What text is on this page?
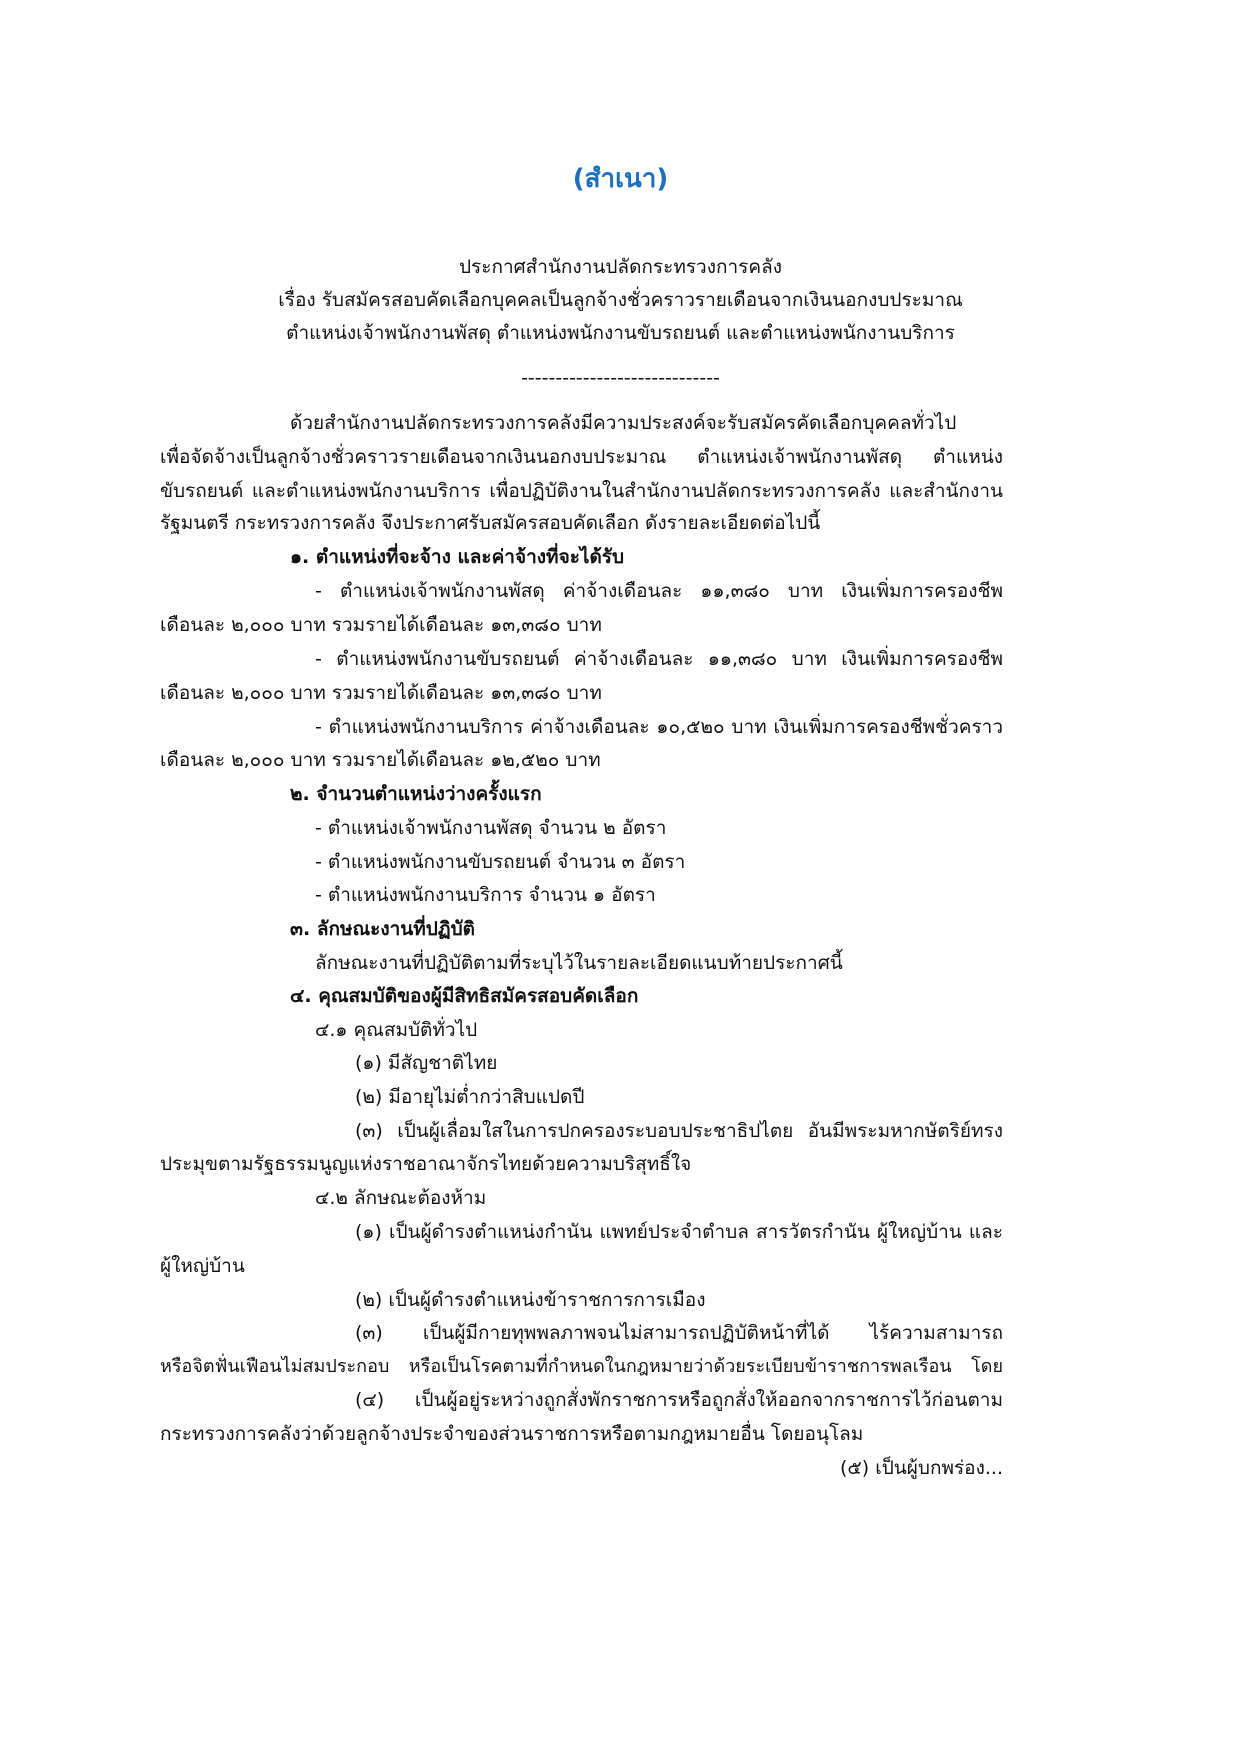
(สำเนา)
ประกาศสำนักงานปลัดกระทรวงการคลัง
เรื่อง รับสมัครสอบคัดเลือกบุคคลเป็นลูกจ้างชั่วคราวรายเดือนจากเงินนอกงบประมาณ
ตำแหน่งเจ้าพนักงานพัสดุ ตำแหน่งพนักงานขับรถยนต์ และตำแหน่งพนักงานบริการ
-----------------------------
ด้วยสำนักงานปลัดกระทรวงการคลังมีความประสงค์จะรับสมัครคัดเลือกบุคคลทั่วไป
เพื่อจัดจ้างเป็นลูกจ้างชั่วคราวรายเดือนจากเงินนอกงบประมาณ ตำแหน่งเจ้าพนักงานพัสดุ ตำแหน่ง
ขับรถยนต์ และตำแหน่งพนักงานบริการ เพื่อปฏิบัติงานในสำนักงานปลัดกระทรวงการคลัง และสำนักงาน
รัฐมนตรี กระทรวงการคลัง จึงประกาศรับสมัครสอบคัดเลือก ดังรายละเอียดต่อไปนี้
๑. ตำแหน่งที่จะจ้าง และค่าจ้างที่จะได้รับ
- ตำแหน่งเจ้าพนักงานพัสดุ ค่าจ้างเดือนละ ๑๑,๓๘๐ บาท เงินเพิ่มการครองชีพ
เดือนละ ๒,๐๐๐ บาท รวมรายได้เดือนละ ๑๓,๓๘๐ บาท
- ตำแหน่งพนักงานขับรถยนต์ ค่าจ้างเดือนละ ๑๑,๓๘๐ บาท เงินเพิ่มการครองชีพ
เดือนละ ๒,๐๐๐ บาท รวมรายได้เดือนละ ๑๓,๓๘๐ บาท
- ตำแหน่งพนักงานบริการ ค่าจ้างเดือนละ ๑๐,๕๒๐ บาท เงินเพิ่มการครองชีพชั่วคราว
เดือนละ ๒,๐๐๐ บาท รวมรายได้เดือนละ ๑๒,๕๒๐ บาท
๒. จำนวนตำแหน่งว่างครั้งแรก
- ตำแหน่งเจ้าพนักงานพัสดุ จำนวน ๒ อัตรา
- ตำแหน่งพนักงานขับรถยนต์ จำนวน ๓ อัตรา
- ตำแหน่งพนักงานบริการ จำนวน ๑ อัตรา
๓. ลักษณะงานที่ปฏิบัติ
ลักษณะงานที่ปฏิบัติตามที่ระบุไว้ในรายละเอียดแนบท้ายประกาศนี้
๔. คุณสมบัติของผู้มีสิทธิสมัครสอบคัดเลือก
๔.๑ คุณสมบัติทั่วไป
(๑) มีสัญชาติไทย
(๒) มีอายุไม่ต่ำกว่าสิบแปดปี
(๓) เป็นผู้เลื่อมใสในการปกครองระบอบประชาธิปไตย อันมีพระมหากษัตริย์ทรง
ประมุขตามรัฐธรรมนูญแห่งราชอาณาจักรไทยด้วยความบริสุทธิ์ใจ
๔.๒ ลักษณะต้องห้าม
(๑) เป็นผู้ดำรงตำแหน่งกำนัน แพทย์ประจำตำบล สารวัตรกำนัน ผู้ใหญ่บ้าน และ
ผู้ใหญ่บ้าน
(๒) เป็นผู้ดำรงตำแหน่งข้าราชการการเมือง
(๓) เป็นผู้มีกายทุพพลภาพจนไม่สามารถปฏิบัติหน้าที่ได้ ไร้ความสามารถ
หรือจิตฟั่นเฟือนไม่สมประกอบ หรือเป็นโรคตามที่กำหนดในกฎหมายว่าด้วยระเบียบข้าราชการพลเรือน โดย
(๔) เป็นผู้อยู่ระหว่างถูกสั่งพักราชการหรือถูกสั่งให้ออกจากราชการไว้ก่อนตาม
กระทรวงการคลังว่าด้วยลูกจ้างประจำของส่วนราชการหรือตามกฎหมายอื่น โดยอนุโลม
(๕) เป็นผู้บกพร่อง...
